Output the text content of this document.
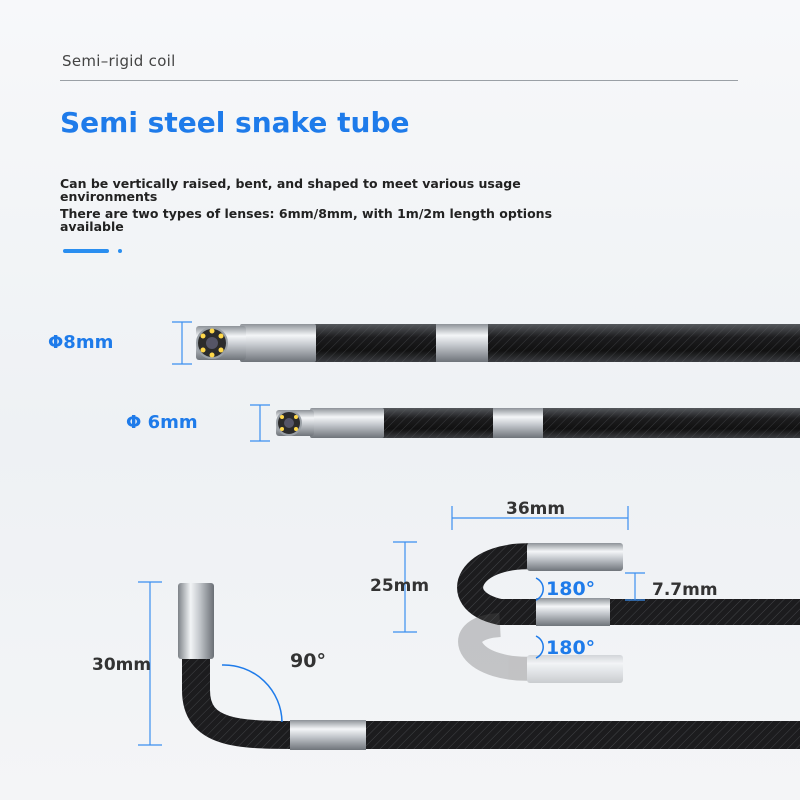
Semi–rigid coil
Semi steel snake tube
Can be vertically raised, bent, and shaped to meet various usage environments
There are two types of lenses: 6mm/8mm, with 1m/2m length options available
Φ8mm
Φ 6mm
36mm
25mm	7.7mm
180°
180°
30mm	90°
